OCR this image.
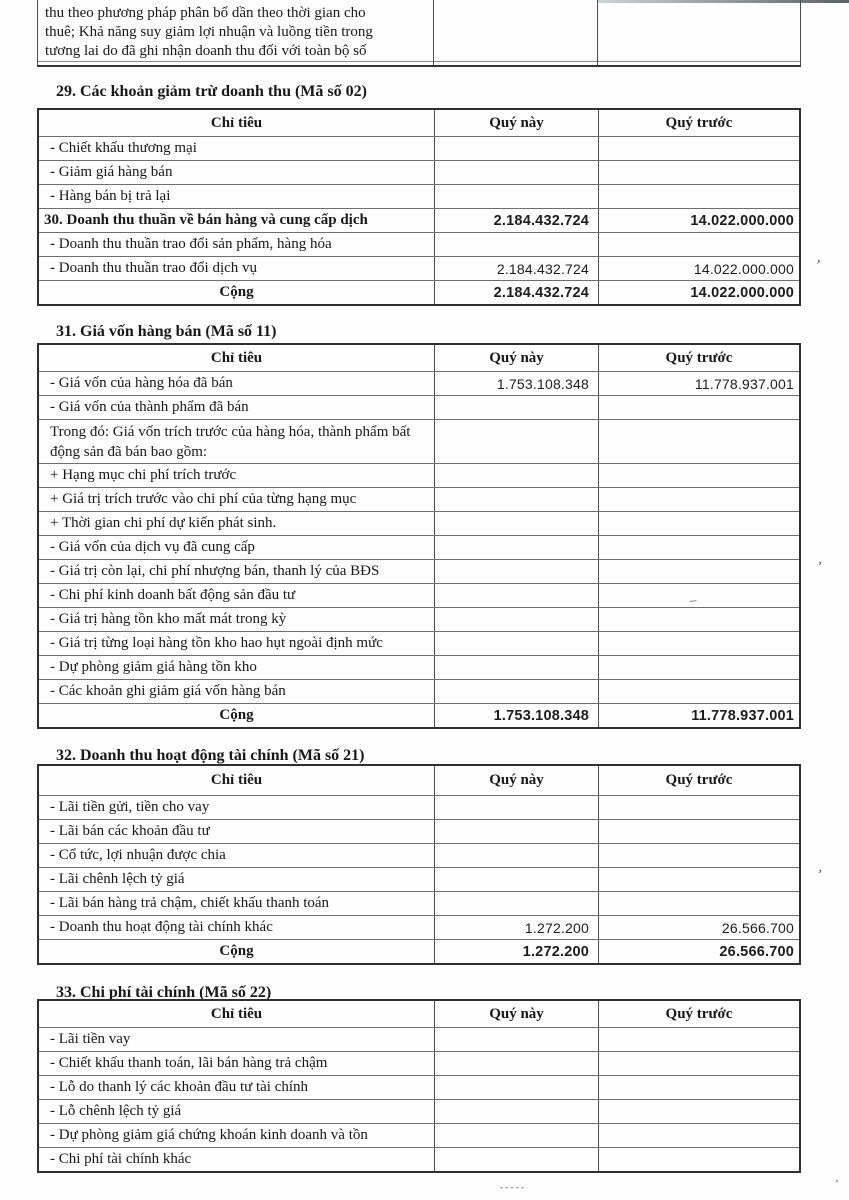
thu theo phương pháp phân bổ dần theo thời gian cho
thuê; Khả năng suy giảm lợi nhuận và luồng tiền trong
tương lai do đã ghi nhận doanh thu đối với toàn bộ số
29. Các khoản giảm trừ doanh thu (Mã số 02)
Chỉ tiêu	Quý này	Quý trước
- Chiết khấu thương mại
- Giảm giá hàng bán
- Hàng bán bị trả lại
30. Doanh thu thuần về bán hàng và cung cấp dịch	2.184.432.724	14.022.000.000
- Doanh thu thuần trao đổi sản phẩm, hàng hóa
- Doanh thu thuần trao đổi dịch vụ	2.184.432.724	14.022.000.000
Cộng	2.184.432.724	14.022.000.000
31. Giá vốn hàng bán (Mã số 11)
Chỉ tiêu	Quý này	Quý trước
- Giá vốn của hàng hóa đã bán	1.753.108.348	11.778.937.001
- Giá vốn của thành phẩm đã bán
Trong đó: Giá vốn trích trước của hàng hóa, thành phẩm bất động sản đã bán bao gồm:
+ Hạng mục chi phí trích trước
+ Giá trị trích trước vào chi phí của từng hạng mục
+ Thời gian chi phí dự kiến phát sinh.
- Giá vốn của dịch vụ đã cung cấp
- Giá trị còn lại, chi phí nhượng bán, thanh lý của BĐS
- Chi phí kinh doanh bất động sản đầu tư
- Giá trị hàng tồn kho mất mát trong kỳ
- Giá trị từng loại hàng tồn kho hao hụt ngoài định mức
- Dự phòng giảm giá hàng tồn kho
- Các khoản ghi giảm giá vốn hàng bán
Cộng	1.753.108.348	11.778.937.001
32. Doanh thu hoạt động tài chính (Mã số 21)
Chỉ tiêu	Quý này	Quý trước
- Lãi tiền gửi, tiền cho vay
- Lãi bán các khoản đầu tư
- Cổ tức, lợi nhuận được chia
- Lãi chênh lệch tỷ giá
- Lãi bán hàng trả chậm, chiết khấu thanh toán
- Doanh thu hoạt động tài chính khác	1.272.200	26.566.700
Cộng	1.272.200	26.566.700
33. Chi phí tài chính (Mã số 22)
Chỉ tiêu	Quý này	Quý trước
- Lãi tiền vay
- Chiết khấu thanh toán, lãi bán hàng trả chậm
- Lỗ do thanh lý các khoản đầu tư tài chính
- Lỗ chênh lệch tỷ giá
- Dự phòng giảm giá chứng khoán kinh doanh và tồn
- Chi phí tài chính khác
’
’
’
–
‐ ‐ ‐ ‐ ‐	ʼ
